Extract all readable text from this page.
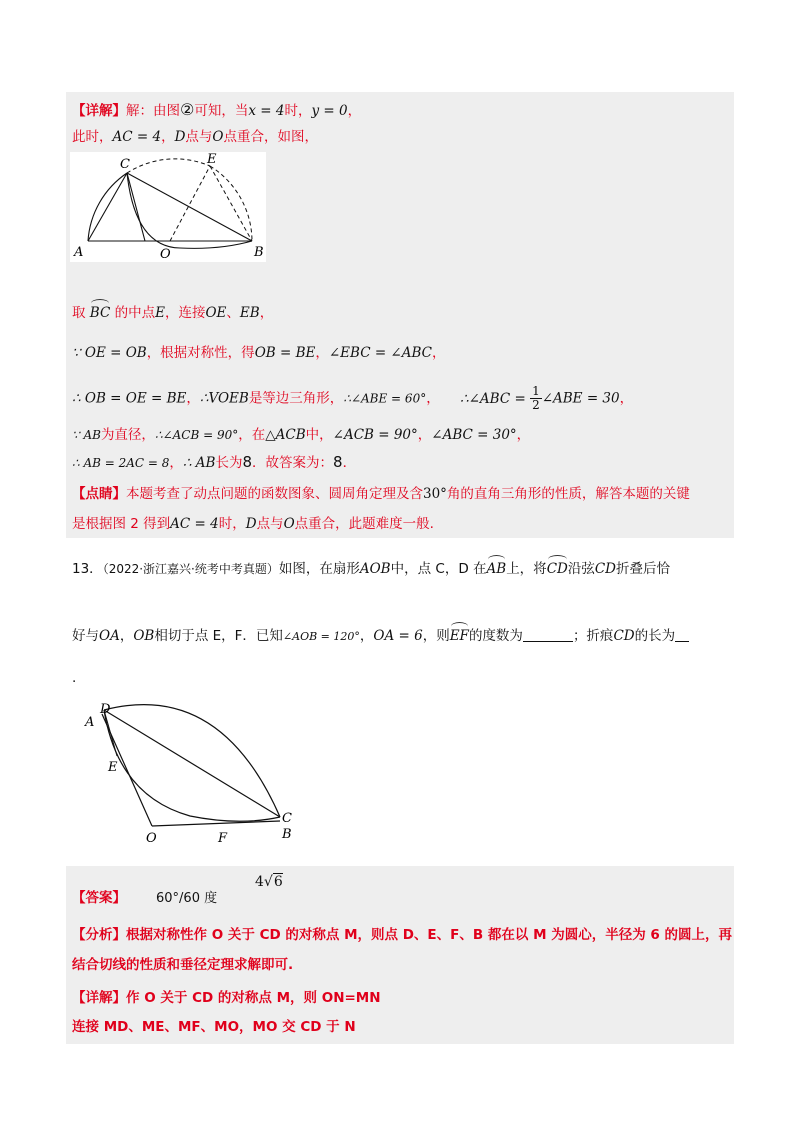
【详解】解：由图②可知，当x = 4时，y = 0，
此时，AC = 4，D点与O点重合，如图，
A	B
C	E
O
取 BC 的中点E，连接OE、EB，
∵ OE = OB，根据对称性，得OB = BE，∠EBC = ∠ABC，
∴ OB = OE = BE，∴VOEB是等边三角形，∴∠ABE = 60°， ∴∠ABC = $\frac{1}{2}$ ∠ABE = 30，
∵ AB为直径，∴∠ACB = 90°，在△ACB中，∠ACB = 90°，∠ABC = 30°，
∴ AB = 2AC = 8，∴ AB长为8．故答案为：8．
【点睛】本题考查了动点问题的函数图象、圆周角定理及含30°角的直角三角形的性质，解答本题的关键
是根据图 2 得到AC = 4时，D点与O点重合，此题难度一般.
13．（2022·浙江嘉兴·统考中考真题）如图，在扇形AOB中，点 C，D 在AB上，将CD沿弦CD折叠后恰
好与OA，OB相切于点 E，F．已知∠AOB = 120°，OA = 6，则EF的度数为	；折痕CD的长为
.
A
D
E
O	F
C
B
【答案】 60°/60 度
4√6
【分析】根据对称性作 O 关于 CD 的对称点 M，则点 D、E、F、B 都在以 M 为圆心，半径为 6 的圆上，再
结合切线的性质和垂径定理求解即可.
【详解】作 O 关于 CD 的对称点 M，则 ON=MN
连接 MD、ME、MF、MO，MO 交 CD 于 N
